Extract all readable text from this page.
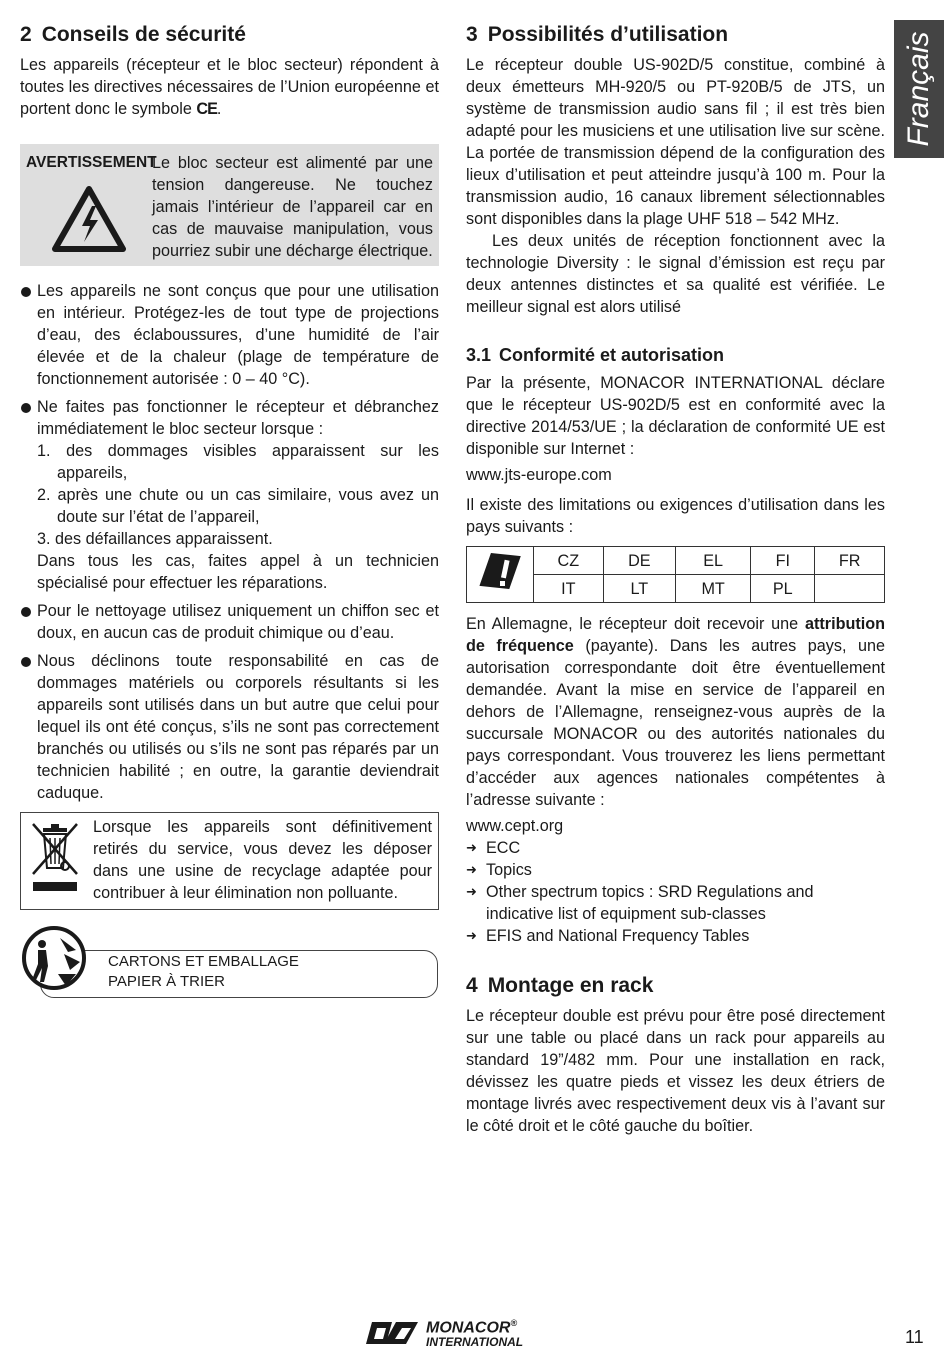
2 Conseils de sécurité

Les appareils (récepteur et le bloc secteur) répondent à toutes les directives nécessaires de l’Union européenne et portent donc le symbole CE.

AVERTISSEMENT
Le bloc secteur est alimenté par une tension dangereuse. Ne touchez jamais l’intérieur de l’appareil car en cas de mauvaise manipulation, vous pourriez subir une décharge électrique.
Les appareils ne sont conçus que pour une utilisation en intérieur. Protégez-les de tout type de projections d’eau, des éclaboussures, d’une humidité de l’air élevée et de la chaleur (plage de température de fonctionnement autorisée : 0 – 40 °C).
Ne faites pas fonctionner le récepteur et débranchez immédiatement le bloc secteur lorsque :
1. des dommages visibles apparaissent sur les appareils,
2. après une chute ou un cas similaire, vous avez un doute sur l’état de l’appareil,
3. des défaillances apparaissent.
Dans tous les cas, faites appel à un technicien spécialisé pour effectuer les réparations.
Pour le nettoyage utilisez uniquement un chiffon sec et doux, en aucun cas de produit chimique ou d’eau.
Nous déclinons toute responsabilité en cas de dommages matériels ou corporels résultants si les appareils sont utilisés dans un but autre que celui pour lequel ils ont été conçus, s’ils ne sont pas correctement branchés ou utilisés ou s’ils ne sont pas réparés par un technicien habilité ; en outre, la garantie deviendrait caduque.
Lorsque les appareils sont définitivement retirés du service, vous devez les déposer dans une usine de recyclage adaptée pour contribuer à leur élimination non polluante.
CARTONS ET EMBALLAGE
PAPIER À TRIER
3 Possibilités d’utilisation

Le récepteur double US-902D/5 constitue, combiné à deux émetteurs MH-920/5 ou PT-920B/5 de JTS, un système de transmission audio sans fil ; il est très bien adapté pour les musiciens et une utilisation live sur scène. La portée de transmission dépend de la configuration des lieux d’utilisation et peut atteindre jusqu’à 100 m. Pour la transmission audio, 16 canaux librement sélectionnables sont disponibles dans la plage UHF 518 – 542 MHz.

Les deux unités de réception fonctionnent avec la technologie Diversity : le signal d’émission est reçu par deux antennes distinctes et sa qualité est vérifiée. Le meilleur signal est alors utilisé

3.1 Conformité et autorisation

Par la présente, MONACOR INTERNATIONAL déclare que le récepteur US-902D/5 est en conformité avec la directive 2014/53/UE ; la déclaration de conformité UE est disponible sur Internet :

www.jts-europe.com

Il existe des limitations ou exigences d’utilisation dans les pays suivants :

	CZ	DE	EL	FI	FR
	IT	LT	MT	PL	

En Allemagne, le récepteur doit recevoir une attribution de fréquence (payante). Dans les autres pays, une autorisation correspondante doit être éventuellement demandée. Avant la mise en service de l’appareil en dehors de l’Allemagne, renseignez-vous auprès de la succursale MONACOR ou des autorités nationales du pays correspondant. Vous trouverez les liens permettant d’accéder aux agences nationales compétentes à l’adresse suivante :

www.cept.org

➜ ECC
➜ Topics
➜ Other spectrum topics : SRD Regulations and indicative list of equipment sub-classes
➜ EFIS and National Frequency Tables
4 Montage en rack

Le récepteur double est prévu pour être posé directement sur une table ou placé dans un rack pour appareils au standard 19”/482 mm. Pour une installation en rack, dévissez les quatre pieds et vissez les deux étriers de montage livrés avec respectivement deux vis à l’avant sur le côté droit et le côté gauche du boîtier.

Français
MONACOR®
INTERNATIONAL	11
